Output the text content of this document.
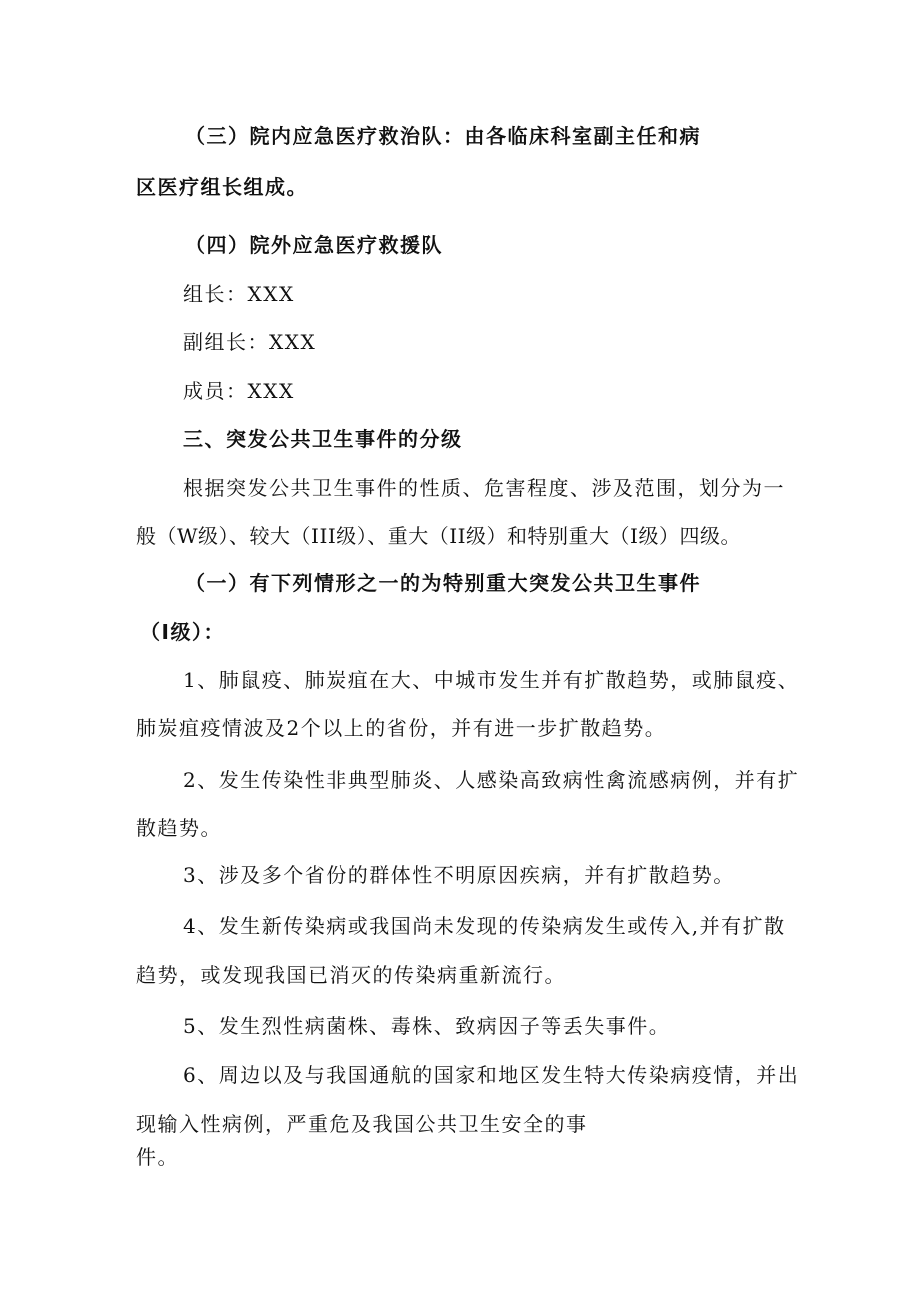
（三）院内应急医疗救治队：由各临床科室副主任和病
区医疗组长组成。
（四）院外应急医疗救援队
组长：XXX
副组长：XXX
成员：XXX
三、突发公共卫生事件的分级
根据突发公共卫生事件的性质、危害程度、涉及范围，划分为一
般（W级）、较大（III级）、重大（II级）和特别重大（I级）四级。
（一）有下列情形之一的为特别重大突发公共卫生事件
（I级）：
1、肺鼠疫、肺炭疽在大、中城市发生并有扩散趋势，或肺鼠疫、
肺炭疽疫情波及2个以上的省份，并有进一步扩散趋势。
2、发生传染性非典型肺炎、人感染高致病性禽流感病例，并有扩
散趋势。
3、涉及多个省份的群体性不明原因疾病，并有扩散趋势。
4、发生新传染病或我国尚未发现的传染病发生或传入,并有扩散
趋势，或发现我国已消灭的传染病重新流行。
5、发生烈性病菌株、毒株、致病因子等丢失事件。
6、周边以及与我国通航的国家和地区发生特大传染病疫情，并出
现输入性病例，严重危及我国公共卫生安全的事
件。
